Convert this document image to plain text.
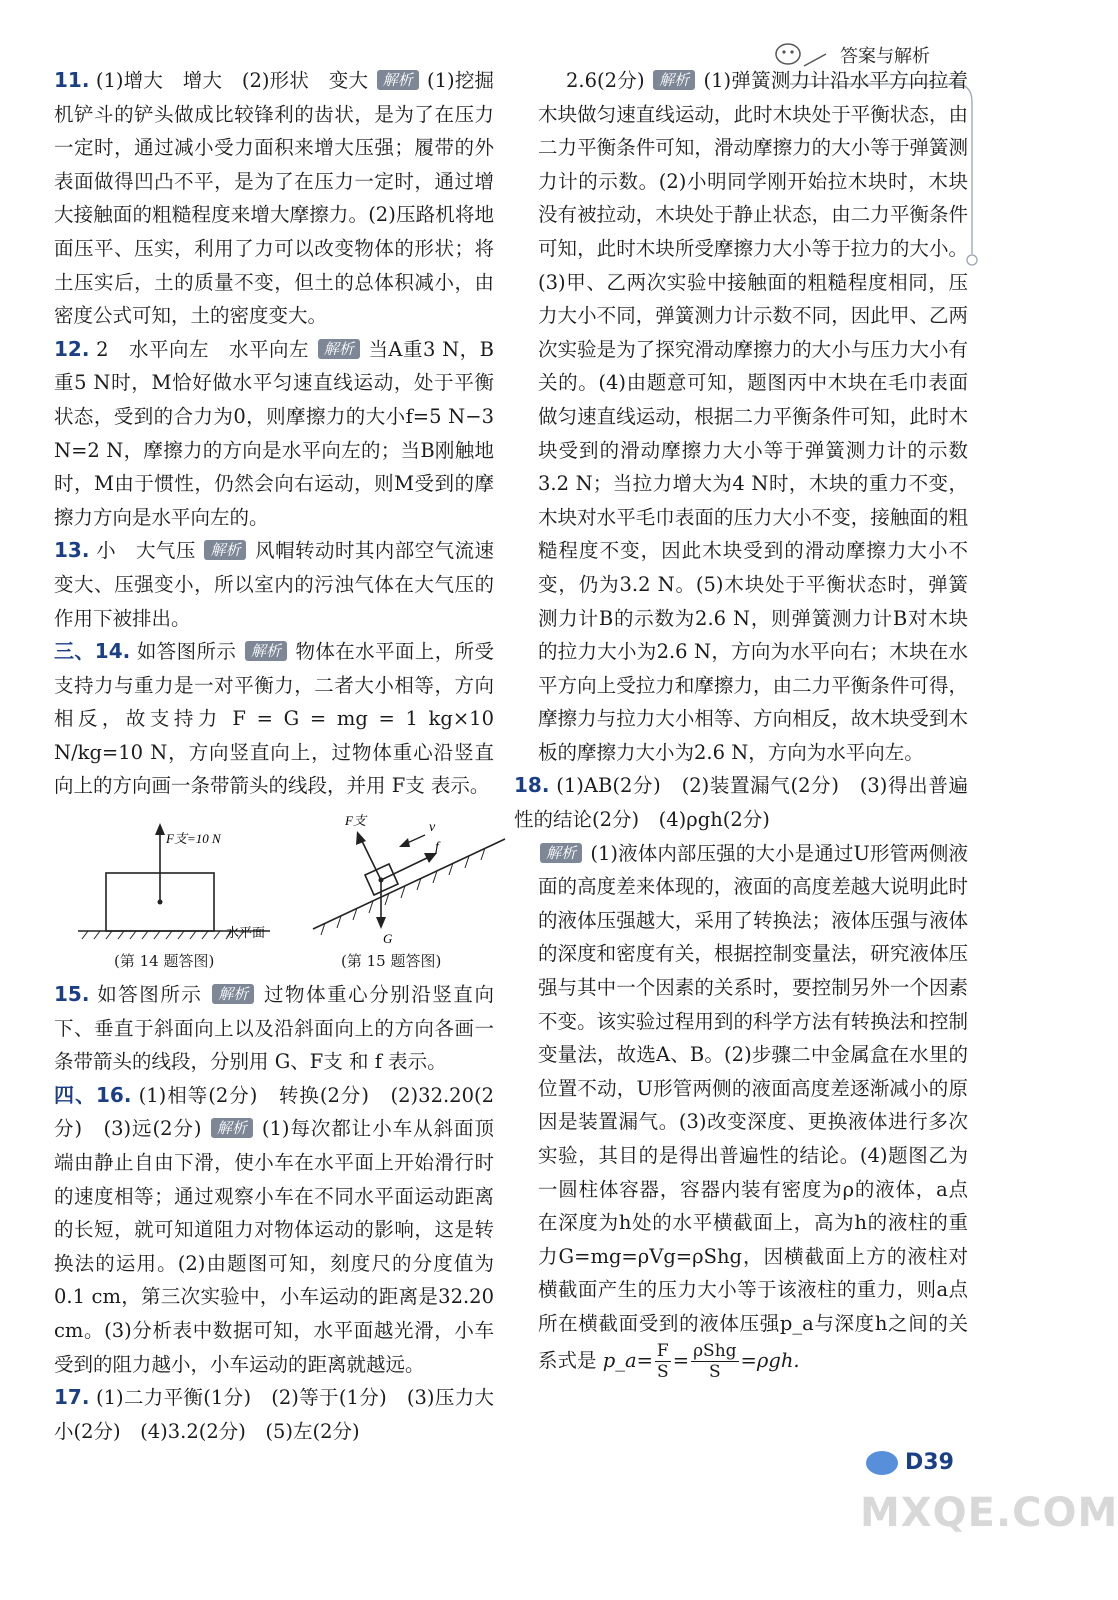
答案与解析
11. (1)增大　增大　(2)形状　变大 解析 (1)挖掘机铲斗的铲头做成比较锋利的齿状，是为了在压力一定时，通过减小受力面积来增大压强；履带的外表面做得凹凸不平，是为了在压力一定时，通过增大接触面的粗糙程度来增大摩擦力。(2)压路机将地面压平、压实，利用了力可以改变物体的形状；将土压实后，土的质量不变，但土的总体积减小，由密度公式可知，土的密度变大。
12. 2　水平向左　水平向左 解析 当A重3 N，B重5 N时，M恰好做水平匀速直线运动，处于平衡状态，受到的合力为0，则摩擦力的大小f=5 N−3 N=2 N，摩擦力的方向是水平向左的；当B刚触地时，M由于惯性，仍然会向右运动，则M受到的摩擦力方向是水平向左的。
13. 小　大气压 解析 风帽转动时其内部空气流速变大、压强变小，所以室内的污浊气体在大气压的作用下被排出。
三、14. 如答图所示 解析 物体在水平面上，所受支持力与重力是一对平衡力，二者大小相等，方向相反，故支持力 F = G = mg = 1 kg×10 N/kg=10 N，方向竖直向上，过物体重心沿竖直向上的方向画一条带箭头的线段，并用 F支 表示。
F支=10 N
水平面
(第 14 题答图)
F支	v
f
G
(第 15 题答图)
15. 如答图所示 解析 过物体重心分别沿竖直向下、垂直于斜面向上以及沿斜面向上的方向各画一条带箭头的线段，分别用 G、F支 和 f 表示。
四、16. (1)相等(2分)　转换(2分)　(2)32.20(2分)　(3)远(2分) 解析 (1)每次都让小车从斜面顶端由静止自由下滑，使小车在水平面上开始滑行时的速度相等；通过观察小车在不同水平面运动距离的长短，就可知道阻力对物体运动的影响，这是转换法的运用。(2)由题图可知，刻度尺的分度值为0.1 cm，第三次实验中，小车运动的距离是32.20 cm。(3)分析表中数据可知，水平面越光滑，小车受到的阻力越小，小车运动的距离就越远。
17. (1)二力平衡(1分)　(2)等于(1分)　(3)压力大小(2分)　(4)3.2(2分)　(5)左(2分)
2.6(2分) 解析 (1)弹簧测力计沿水平方向拉着木块做匀速直线运动，此时木块处于平衡状态，由二力平衡条件可知，滑动摩擦力的大小等于弹簧测力计的示数。(2)小明同学刚开始拉木块时，木块没有被拉动，木块处于静止状态，由二力平衡条件可知，此时木块所受摩擦力大小等于拉力的大小。(3)甲、乙两次实验中接触面的粗糙程度相同，压力大小不同，弹簧测力计示数不同，因此甲、乙两次实验是为了探究滑动摩擦力的大小与压力大小有关的。(4)由题意可知，题图丙中木块在毛巾表面做匀速直线运动，根据二力平衡条件可知，此时木块受到的滑动摩擦力大小等于弹簧测力计的示数3.2 N；当拉力增大为4 N时，木块的重力不变，木块对水平毛巾表面的压力大小不变，接触面的粗糙程度不变，因此木块受到的滑动摩擦力大小不变，仍为3.2 N。(5)木块处于平衡状态时，弹簧测力计B的示数为2.6 N，则弹簧测力计B对木块的拉力大小为2.6 N，方向为水平向右；木块在水平方向上受拉力和摩擦力，由二力平衡条件可得，摩擦力与拉力大小相等、方向相反，故木块受到木板的摩擦力大小为2.6 N，方向为水平向左。
18. (1)AB(2分)　(2)装置漏气(2分)　(3)得出普遍性的结论(2分)　(4)ρgh(2分)
解析 (1)液体内部压强的大小是通过U形管两侧液面的高度差来体现的，液面的高度差越大说明此时的液体压强越大，采用了转换法；液体压强与液体的深度和密度有关，根据控制变量法，研究液体压强与其中一个因素的关系时，要控制另外一个因素不变。该实验过程用到的科学方法有转换法和控制变量法，故选A、B。(2)步骤二中金属盒在水里的位置不动，U形管两侧的液面高度差逐渐减小的原因是装置漏气。(3)改变深度、更换液体进行多次实验，其目的是得出普遍性的结论。(4)题图乙为一圆柱体容器，容器内装有密度为ρ的液体，a点在深度为h处的水平横截面上，高为h的液柱的重力G=mg=ρVg=ρShg，因横截面上方的液柱对横截面产生的压力大小等于该液柱的重力，则a点所在横截面受到的液体压强p_a与深度h之间的关系式是 p_a= $\frac{F}{S} = \frac{\text{ρShg}}{S} =\rho gh$.
D39
MXQE.COM
